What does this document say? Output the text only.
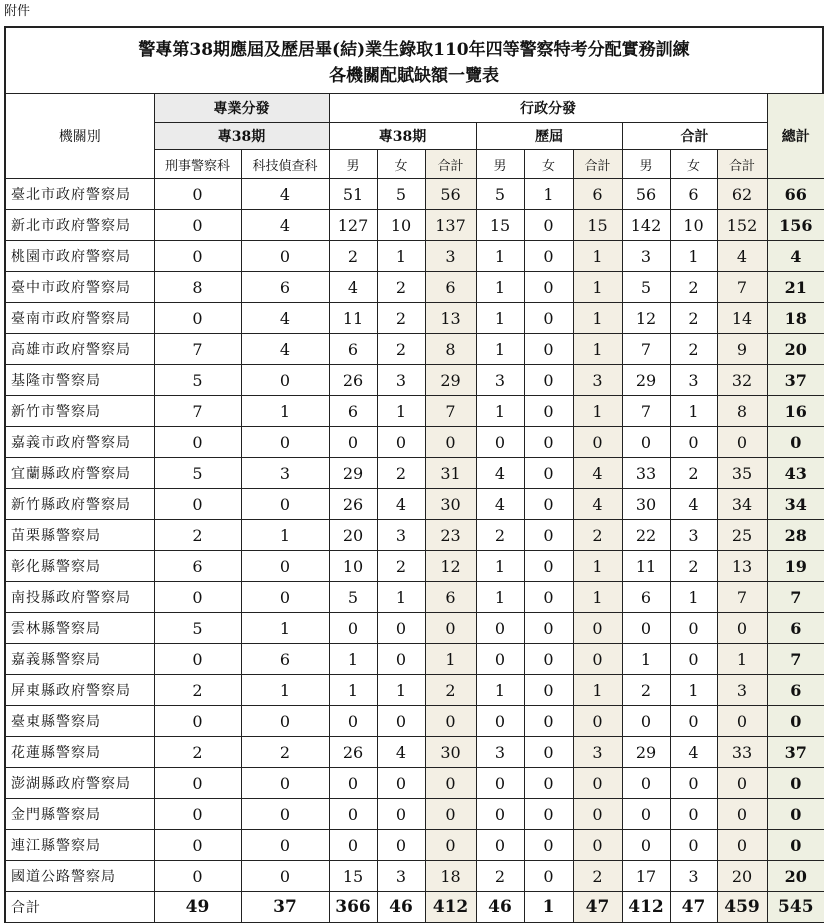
附件
警專第38期應屆及歷居畢(結)業生錄取110年四等警察特考分配實務訓練
各機關配賦缺額一覽表
機關別	專業分發		行政分發									總計
	專38期		專38期			歷屆			合計			
	刑事警察科	科技偵查科	男	女	合計	男	女	合計	男	女	合計	
臺北市政府警察局	0	4	51	5	56	5	1	6	56	6	62	66
新北市政府警察局	0	4	127	10	137	15	0	15	142	10	152	156
桃園市政府警察局	0	0	2	1	3	1	0	1	3	1	4	4
臺中市政府警察局	8	6	4	2	6	1	0	1	5	2	7	21
臺南市政府警察局	0	4	11	2	13	1	0	1	12	2	14	18
高雄市政府警察局	7	4	6	2	8	1	0	1	7	2	9	20
基隆市警察局	5	0	26	3	29	3	0	3	29	3	32	37
新竹市警察局	7	1	6	1	7	1	0	1	7	1	8	16
嘉義市政府警察局	0	0	0	0	0	0	0	0	0	0	0	0
宜蘭縣政府警察局	5	3	29	2	31	4	0	4	33	2	35	43
新竹縣政府警察局	0	0	26	4	30	4	0	4	30	4	34	34
苗栗縣警察局	2	1	20	3	23	2	0	2	22	3	25	28
彰化縣警察局	6	0	10	2	12	1	0	1	11	2	13	19
南投縣政府警察局	0	0	5	1	6	1	0	1	6	1	7	7
雲林縣警察局	5	1	0	0	0	0	0	0	0	0	0	6
嘉義縣警察局	0	6	1	0	1	0	0	0	1	0	1	7
屏東縣政府警察局	2	1	1	1	2	1	0	1	2	1	3	6
臺東縣警察局	0	0	0	0	0	0	0	0	0	0	0	0
花蓮縣警察局	2	2	26	4	30	3	0	3	29	4	33	37
澎湖縣政府警察局	0	0	0	0	0	0	0	0	0	0	0	0
金門縣警察局	0	0	0	0	0	0	0	0	0	0	0	0
連江縣警察局	0	0	0	0	0	0	0	0	0	0	0	0
國道公路警察局	0	0	15	3	18	2	0	2	17	3	20	20
合計	49	37	366	46	412	46	1	47	412	47	459	545
